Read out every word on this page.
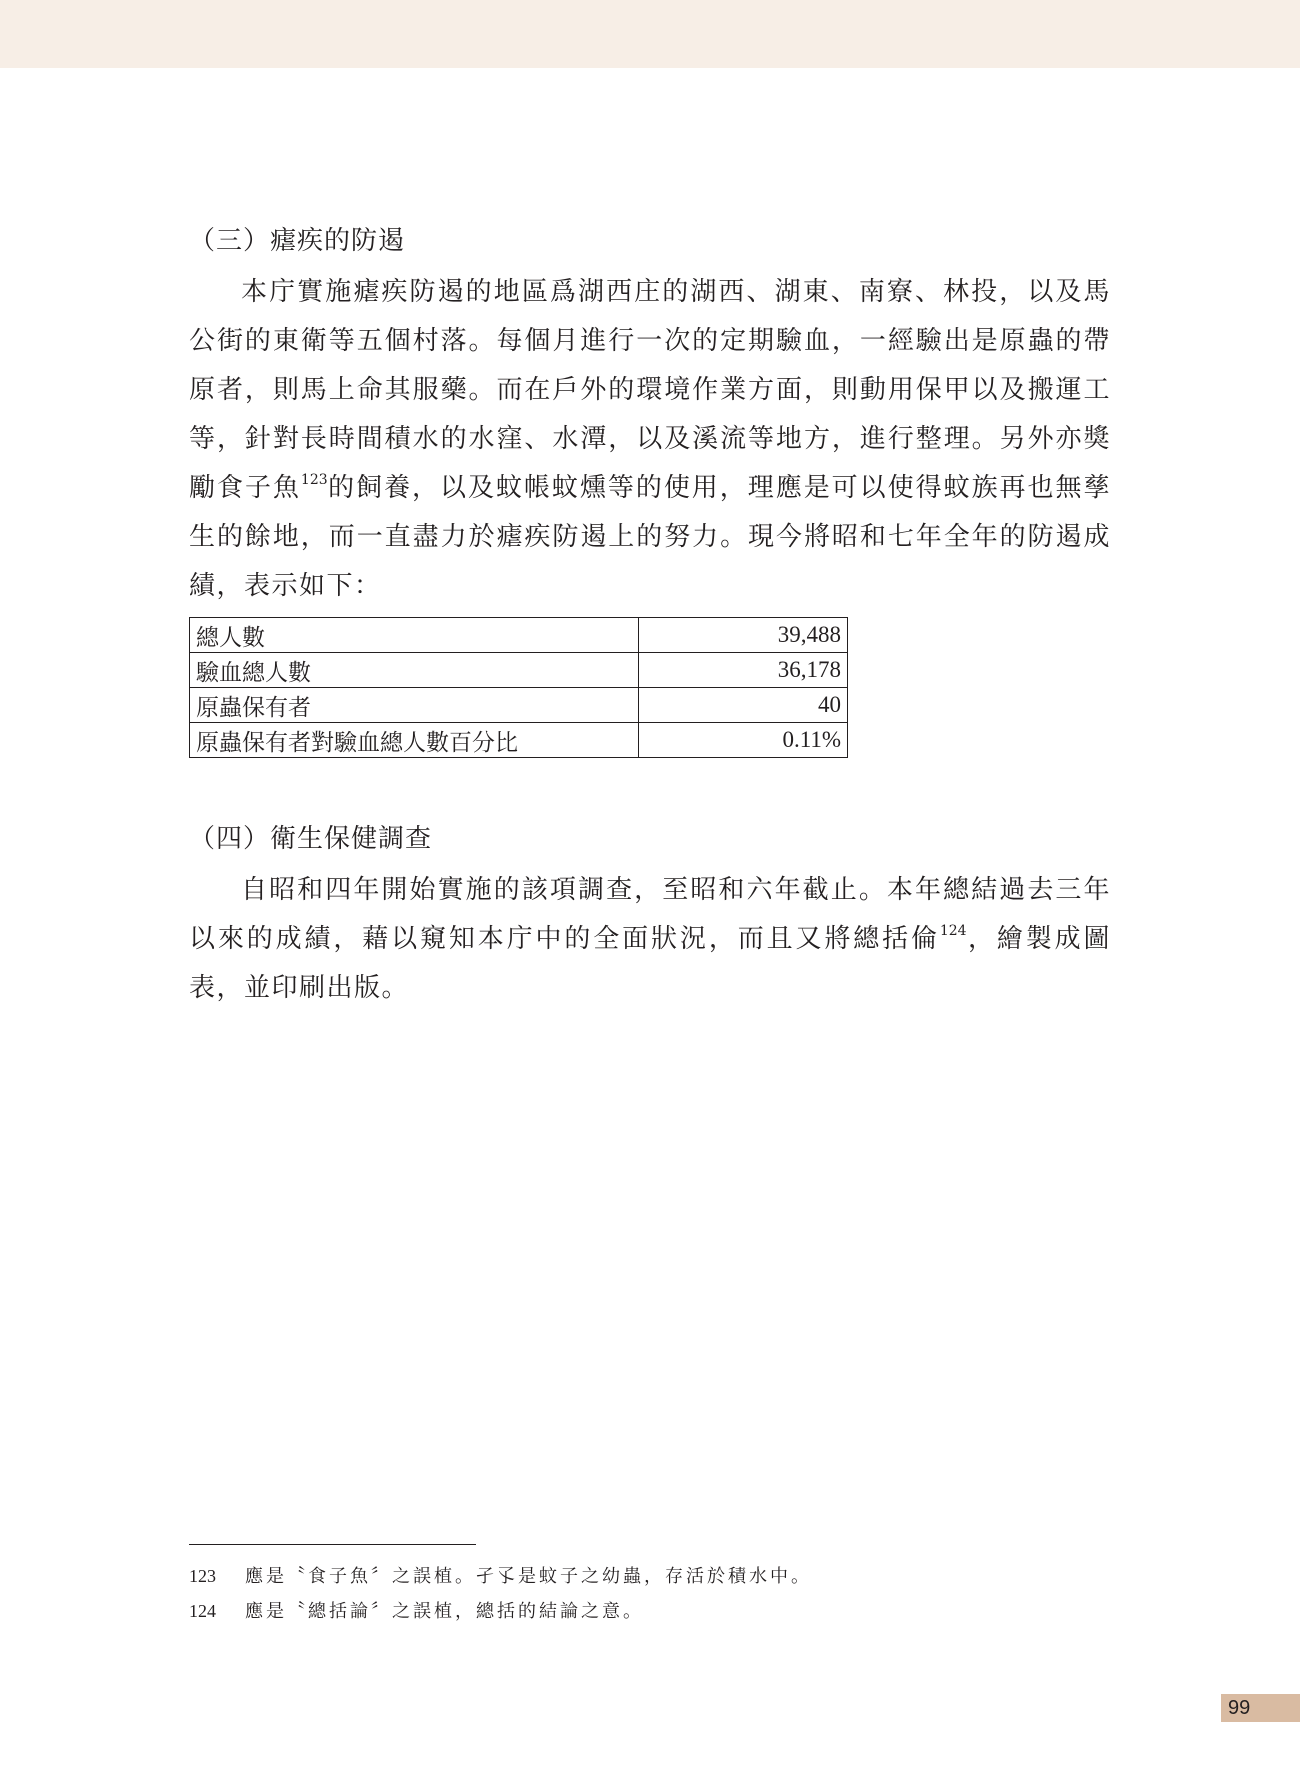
（三）瘧疾的防遏

本庁實施瘧疾防遏的地區爲湖西庄的湖西、湖東、南寮、林投，以及馬公街的東衛等五個村落。每個月進行一次的定期驗血，一經驗出是原蟲的帶原者，則馬上命其服藥。而在戶外的環境作業方面，則動用保甲以及搬運工等，針對長時間積水的水窪、水潭，以及溪流等地方，進行整理。另外亦獎勵食子魚$^{123}$的飼養，以及蚊帳蚊燻等的使用，理應是可以使得蚊族再也無孳生的餘地，而一直盡力於瘧疾防遏上的努力。現今將昭和七年全年的防遏成績，表示如下：

總人數	39,488
驗血總人數	36,178
原蟲保有者	40
原蟲保有者對驗血總人數百分比	0.11%
（四）衛生保健調查

自昭和四年開始實施的該項調查，至昭和六年截止。本年總結過去三年以來的成績，藉以窺知本庁中的全面狀況，而且又將總括倫$^{124}$，繪製成圖表，並印刷出版。

123 應是〝食子魚〞之誤植。孑孓是蚊子之幼蟲，存活於積水中。
124 應是〝總括論〞之誤植，總括的結論之意。
99
